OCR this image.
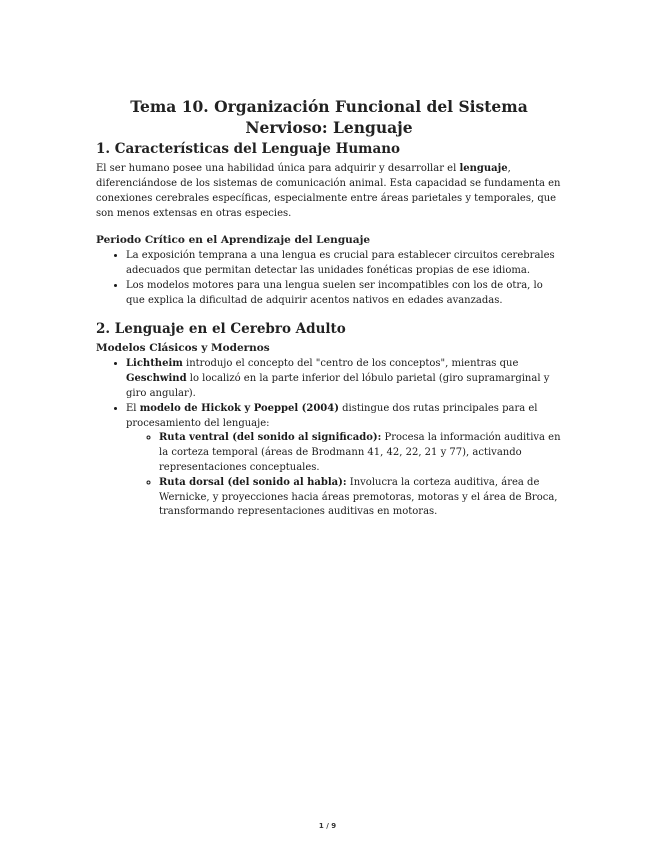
Tema 10. Organización Funcional del Sistema Nervioso: Lenguaje
1. Características del Lenguaje Humano

El ser humano posee una habilidad única para adquirir y desarrollar el lenguaje, diferenciándose de los sistemas de comunicación animal. Esta capacidad se fundamenta en conexiones cerebrales específicas, especialmente entre áreas parietales y temporales, que son menos extensas en otras especies.

Periodo Crítico en el Aprendizaje del Lenguaje
• La exposición temprana a una lengua es crucial para establecer circuitos cerebrales adecuados que permitan detectar las unidades fonéticas propias de ese idioma.
• Los modelos motores para una lengua suelen ser incompatibles con los de otra, lo que explica la dificultad de adquirir acentos nativos en edades avanzadas.
2. Lenguaje en el Cerebro Adulto
Modelos Clásicos y Modernos
• Lichtheim introdujo el concepto del "centro de los conceptos", mientras que Geschwind lo localizó en la parte inferior del lóbulo parietal (giro supramarginal y giro angular).
• El modelo de Hickok y Poeppel (2004) distingue dos rutas principales para el procesamiento del lenguaje:
◦ Ruta ventral (del sonido al significado): Procesa la información auditiva en la corteza temporal (áreas de Brodmann 41, 42, 22, 21 y 77), activando representaciones conceptuales.
◦ Ruta dorsal (del sonido al habla): Involucra la corteza auditiva, área de Wernicke, y proyecciones hacia áreas premotoras, motoras y el área de Broca, transformando representaciones auditivas en motoras.
1 / 9
